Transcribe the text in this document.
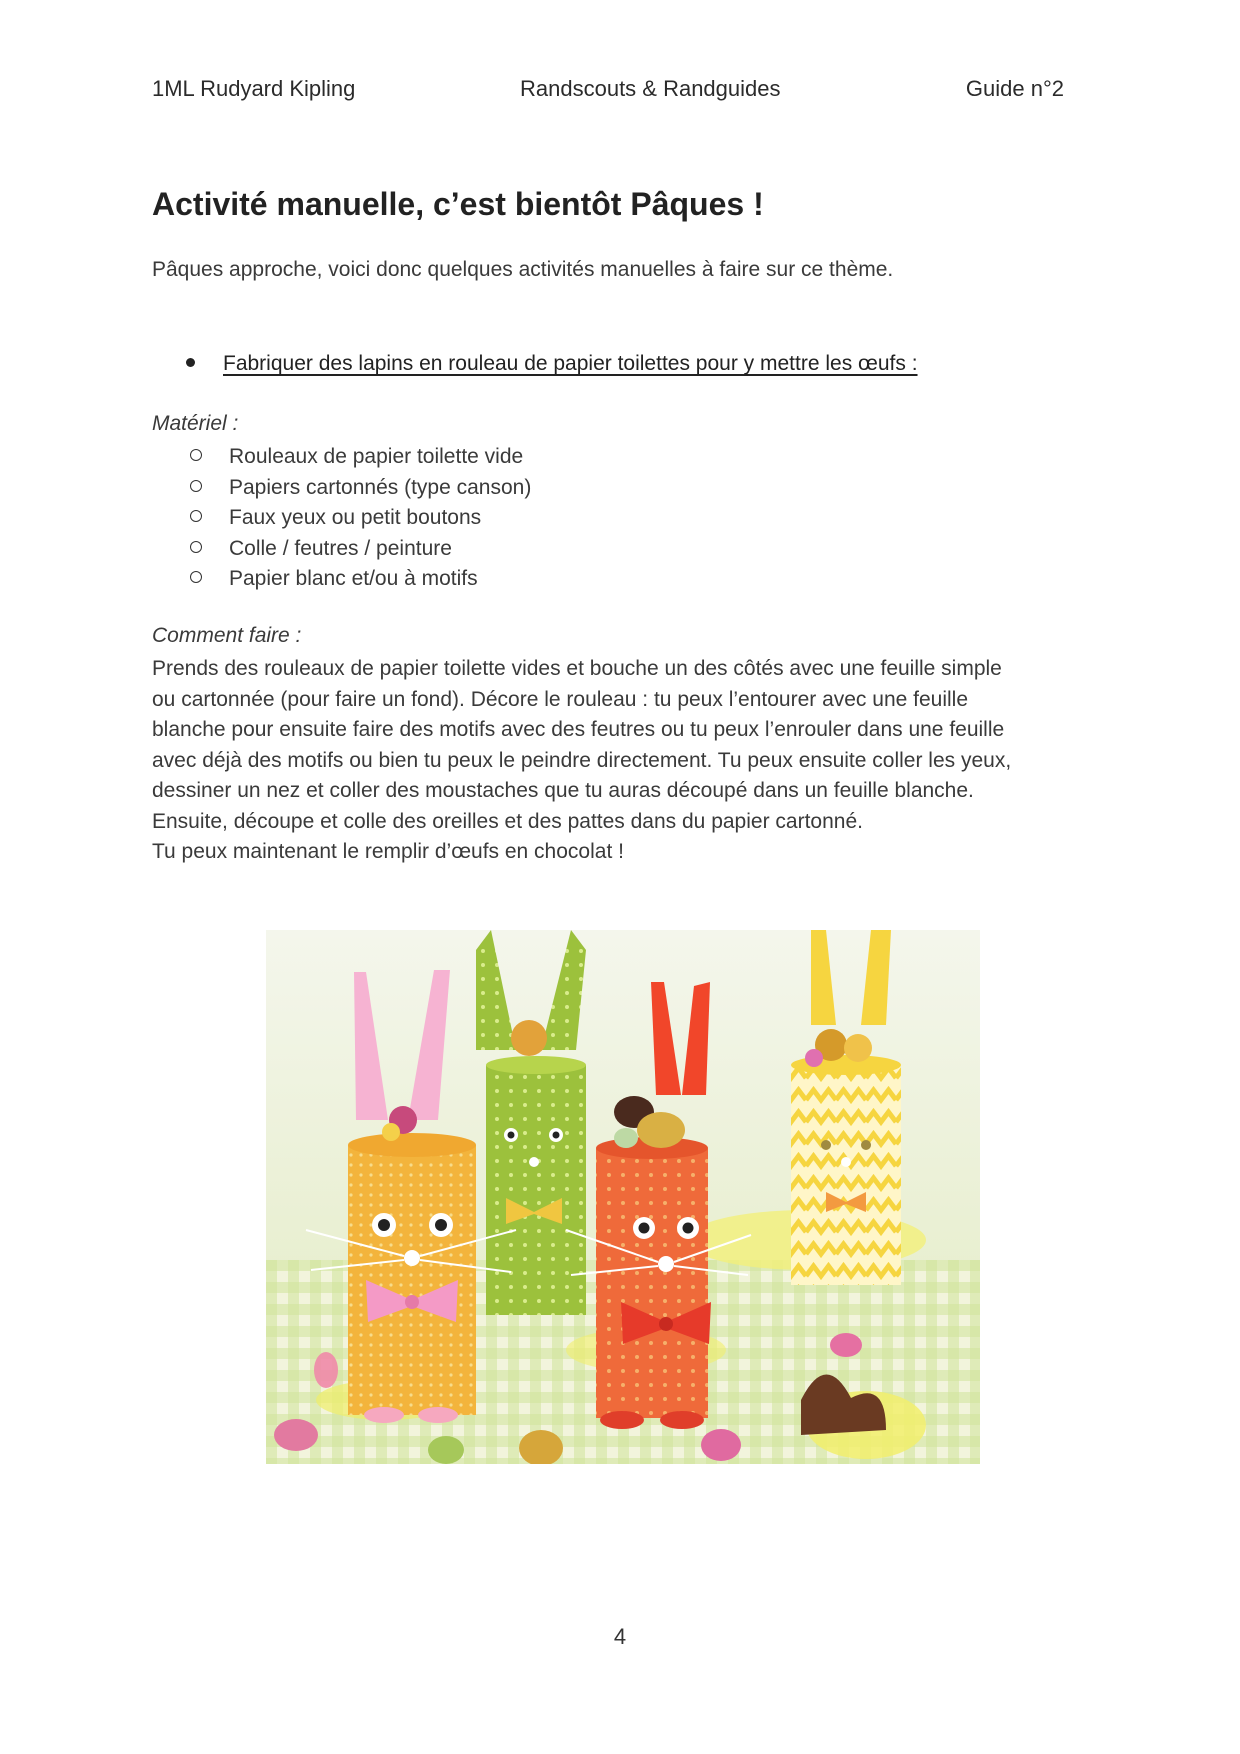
1ML Rudyard Kipling	Randscouts & Randguides	Guide n°2
Activité manuelle, c’est bientôt Pâques !

Pâques approche, voici donc quelques activités manuelles à faire sur ce thème.

Fabriquer des lapins en rouleau de papier toilettes pour y mettre les œufs :

Matériel :

Rouleaux de papier toilette vide
Papiers cartonnés (type canson)
Faux yeux ou petit boutons
Colle / feutres / peinture
Papier blanc et/ou à motifs

Comment faire :

Prends des rouleaux de papier toilette vides et bouche un des côtés avec une feuille simple
ou cartonnée (pour faire un fond). Décore le rouleau : tu peux l’entourer avec une feuille
blanche pour ensuite faire des motifs avec des feutres ou tu peux l’enrouler dans une feuille
avec déjà des motifs ou bien tu peux le peindre directement. Tu peux ensuite coller les yeux,
dessiner un nez et coller des moustaches que tu auras découpé dans un feuille blanche.
Ensuite, découpe et colle des oreilles et des pattes dans du papier cartonné.
Tu peux maintenant le remplir d’œufs en chocolat !

4
